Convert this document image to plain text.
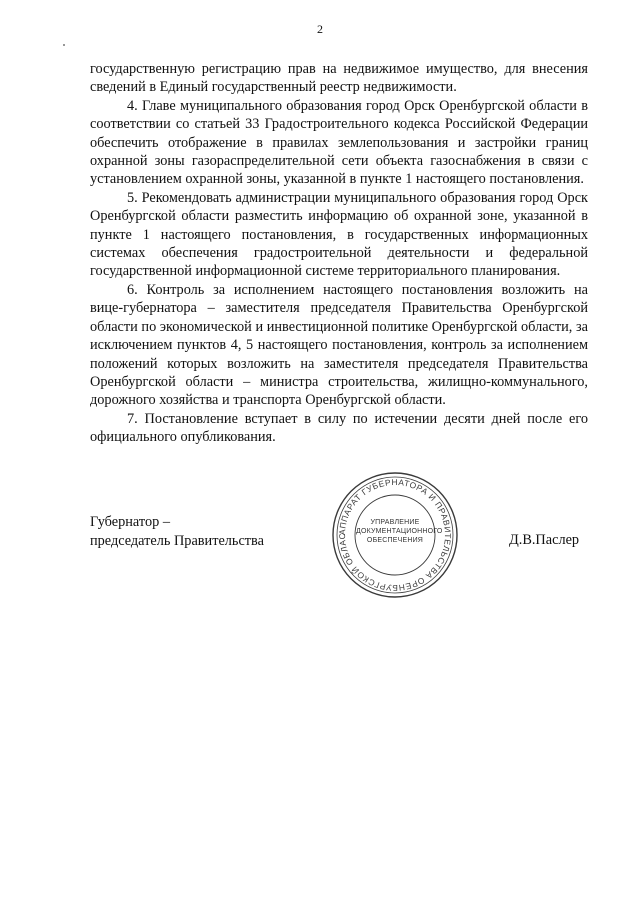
2

государственную регистрацию прав на недвижимое имущество, для внесения сведений в Единый государственный реестр недвижимости.

4. Главе муниципального образования город Орск Оренбургской области в соответствии со статьей 33 Градостроительного кодекса Российской Федерации обеспечить отображение в правилах землепользования и застройки границ охранной зоны газораспределительной сети объекта газоснабжения в связи с установлением охранной зоны, указанной в пункте 1 настоящего постановления.

5. Рекомендовать администрации муниципального образования город Орск Оренбургской области разместить информацию об охранной зоне, указанной в пункте 1 настоящего постановления, в государственных информационных системах обеспечения градостроительной деятельности и федеральной государственной информационной системе территориального планирования.

6. Контроль за исполнением настоящего постановления возложить на вице-губернатора – заместителя председателя Правительства Оренбургской области по экономической и инвестиционной политике Оренбургской области, за исключением пунктов 4, 5 настоящего постановления, контроль за исполнением положений которых возложить на заместителя председателя Правительства Оренбургской области – министра строительства, жилищно-коммунального, дорожного хозяйства и транспорта Оренбургской области.

7. Постановление вступает в силу по истечении десяти дней после его официального опубликования.

Губернатор –
председатель Правительства
АППАРАТ ГУБЕРНАТОРА И ПРАВИТЕЛЬСТВА ОРЕНБУРГСКОЙ ОБЛАС
УПРАВЛЕНИЕ
ДОКУМЕНТАЦИОННОГО
ОБЕСПЕЧЕНИЯ	Д.В.Паслер
